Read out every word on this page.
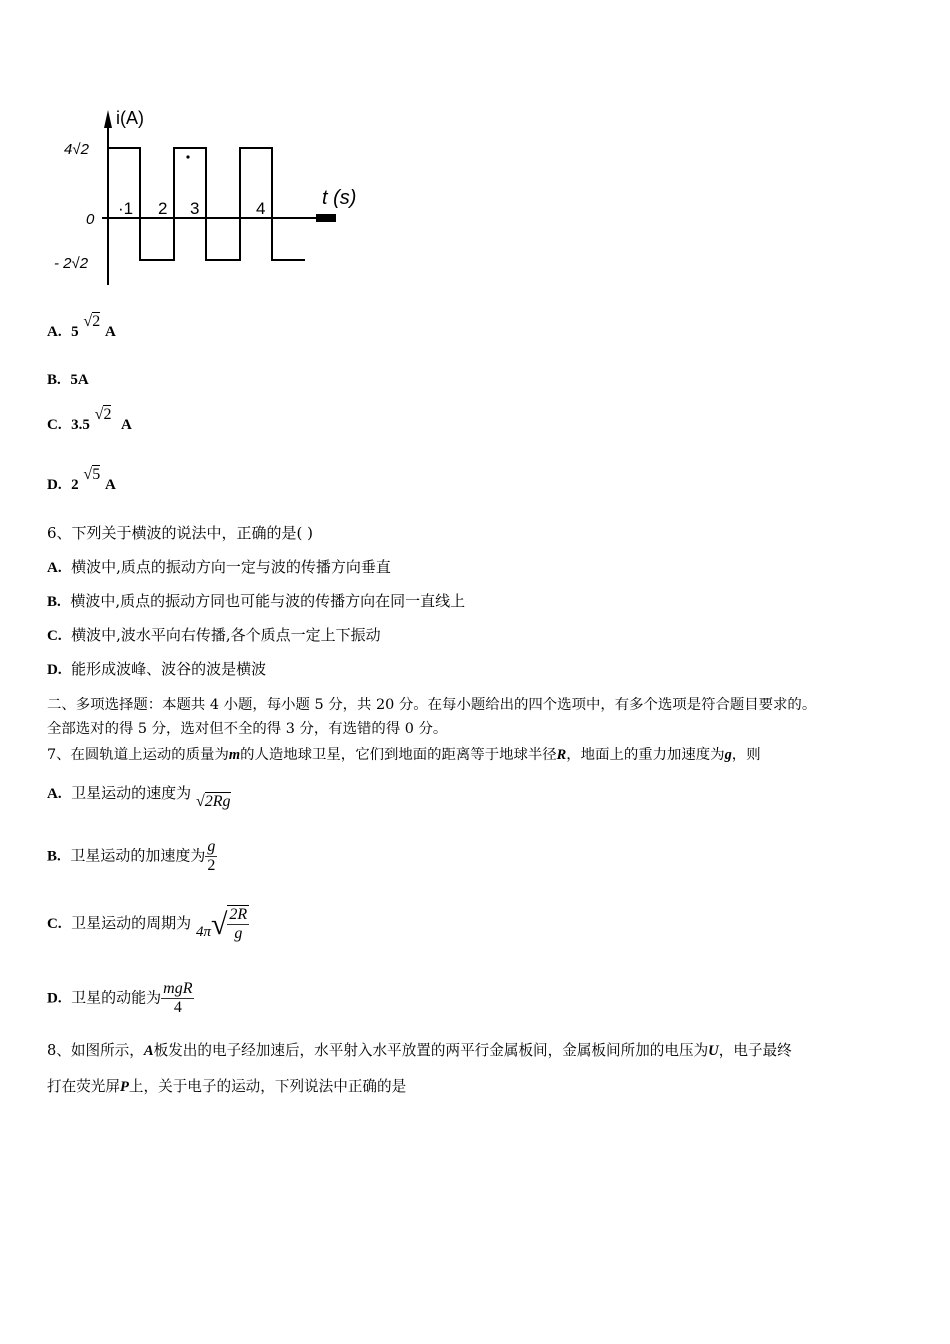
i(A)
t (s)
4√2
0
- 2√2
·1 2 3	4
A. 5 √2 A
B. 5A
C. 3.5 √2  A
D. 2 √5 A
6、下列关于横波的说法中，正确的是( )
A. 横波中,质点的振动方向一定与波的传播方向垂直
B. 横波中,质点的振动方同也可能与波的传播方向在同一直线上
C. 横波中,波水平向右传播,各个质点一定上下振动
D. 能形成波峰、波谷的波是横波
二、多项选择题：本题共 4 小题，每小题 5 分，共 20 分。在每小题给出的四个选项中，有多个选项是符合题目要求的。
全部选对的得 5 分，选对但不全的得 3 分，有选错的得 0 分。
7、在圆轨道上运动的质量为m的人造地球卫星，它们到地面的距离等于地球半径R，地面上的重力加速度为g，则
A. 卫星运动的速度为 √2Rg
B. 卫星运动的加速度为 $\frac{g}{2}$
C. 卫星运动的周期为 $4\pi√ \frac{2R}{g}$
D. 卫星的动能为 $\frac{\text{mgR}}{4}$
8、如图所示，A板发出的电子经加速后，水平射入水平放置的两平行金属板间，金属板间所加的电压为U，电子最终
打在荧光屏P上，关于电子的运动，下列说法中正确的是
